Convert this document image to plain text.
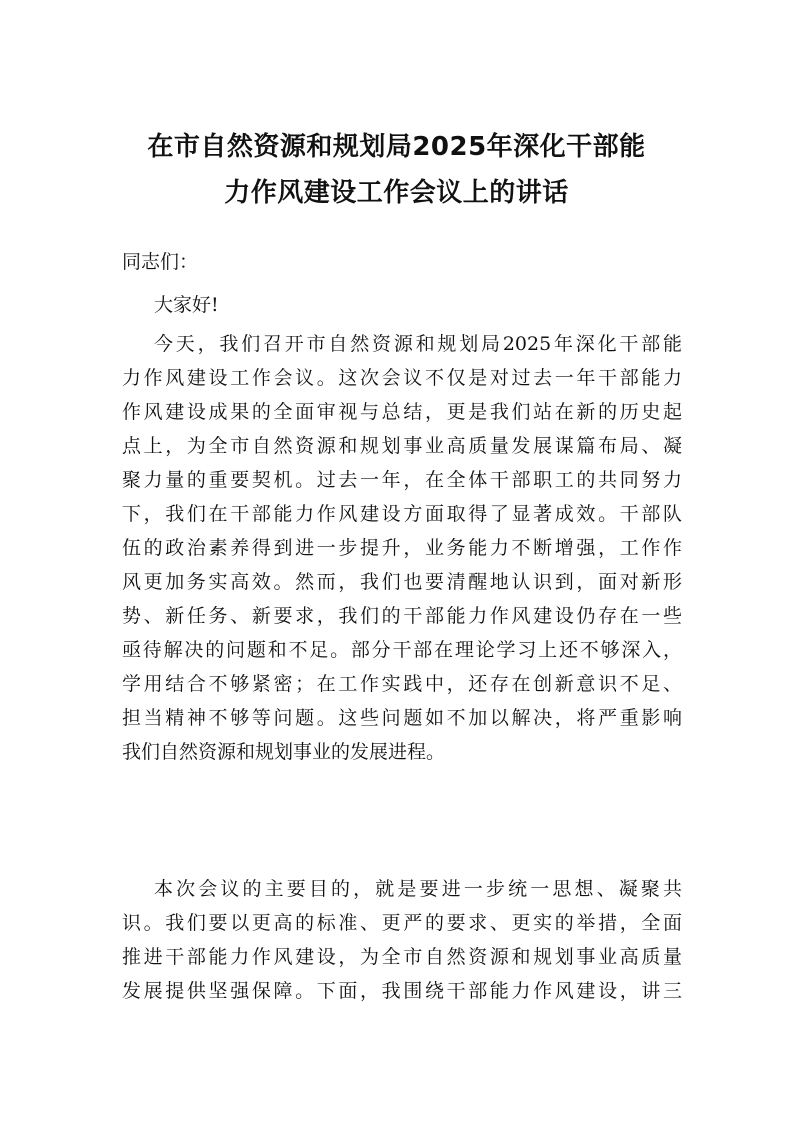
在市自然资源和规划局2025年深化干部能
力作风建设工作会议上的讲话

同志们：

大家好!

今天，我们召开市自然资源和规划局2025年深化干部能
力作风建设工作会议。这次会议不仅是对过去一年干部能力
作风建设成果的全面审视与总结，更是我们站在新的历史起
点上，为全市自然资源和规划事业高质量发展谋篇布局、凝
聚力量的重要契机。过去一年，在全体干部职工的共同努力
下，我们在干部能力作风建设方面取得了显著成效。干部队
伍的政治素养得到进一步提升，业务能力不断增强，工作作
风更加务实高效。然而，我们也要清醒地认识到，面对新形
势、新任务、新要求，我们的干部能力作风建设仍存在一些
亟待解决的问题和不足。部分干部在理论学习上还不够深入，
学用结合不够紧密；在工作实践中，还存在创新意识不足、
担当精神不够等问题。这些问题如不加以解决，将严重影响
我们自然资源和规划事业的发展进程。
本次会议的主要目的，就是要进一步统一思想、凝聚共
识。我们要以更高的标准、更严的要求、更实的举措，全面
推进干部能力作风建设，为全市自然资源和规划事业高质量
发展提供坚强保障。下面，我围绕干部能力作风建设，讲三
